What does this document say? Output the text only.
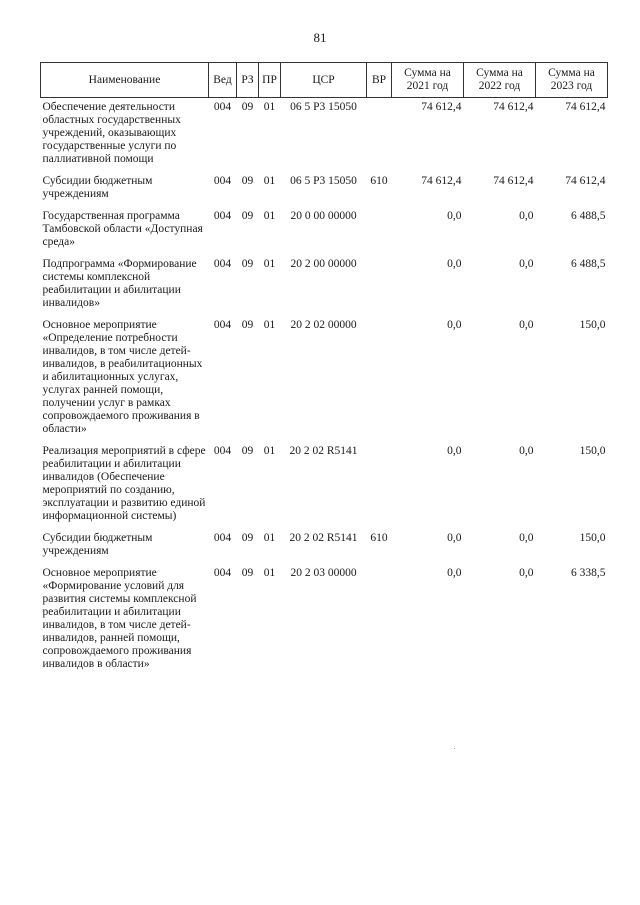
81
Наименование	Вед	РЗ	ПР	ЦСР	ВР	Сумма на 2021 год	Сумма на 2022 год	Сумма на 2023 год
Обеспечение деятельности областных государственных учреждений, оказывающих государственные услуги по паллиативной помощи	004	09	01	06 5 Р3 15050		74 612,4	74 612,4	74 612,4
Субсидии бюджетным учреждениям	004	09	01	06 5 Р3 15050	610	74 612,4	74 612,4	74 612,4
Государственная программа Тамбовской области «Доступная среда»	004	09	01	20 0 00 00000		0,0	0,0	6 488,5
Подпрограмма «Формирование системы комплексной реабилитации и абилитации инвалидов»	004	09	01	20 2 00 00000		0,0	0,0	6 488,5
Основное мероприятие «Определение потребности инвалидов, в том числе детей-инвалидов, в реабилитационных и абилитационных услугах, услугах ранней помощи, получении услуг в рамках сопровождаемого проживания в области»	004	09	01	20 2 02 00000		0,0	0,0	150,0
Реализация мероприятий в сфере реабилитации и абилитации инвалидов (Обеспечение мероприятий по созданию, эксплуатации и развитию единой информационной системы)	004	09	01	20 2 02 R5141		0,0	0,0	150,0
Субсидии бюджетным учреждениям	004	09	01	20 2 02 R5141	610	0,0	0,0	150,0
Основное мероприятие «Формирование условий для развития системы комплексной реабилитации и абилитации инвалидов, в том числе детей-инвалидов, ранней помощи, сопровождаемого проживания инвалидов в области»	004	09	01	20 2 03 00000		0,0	0,0	6 338,5
